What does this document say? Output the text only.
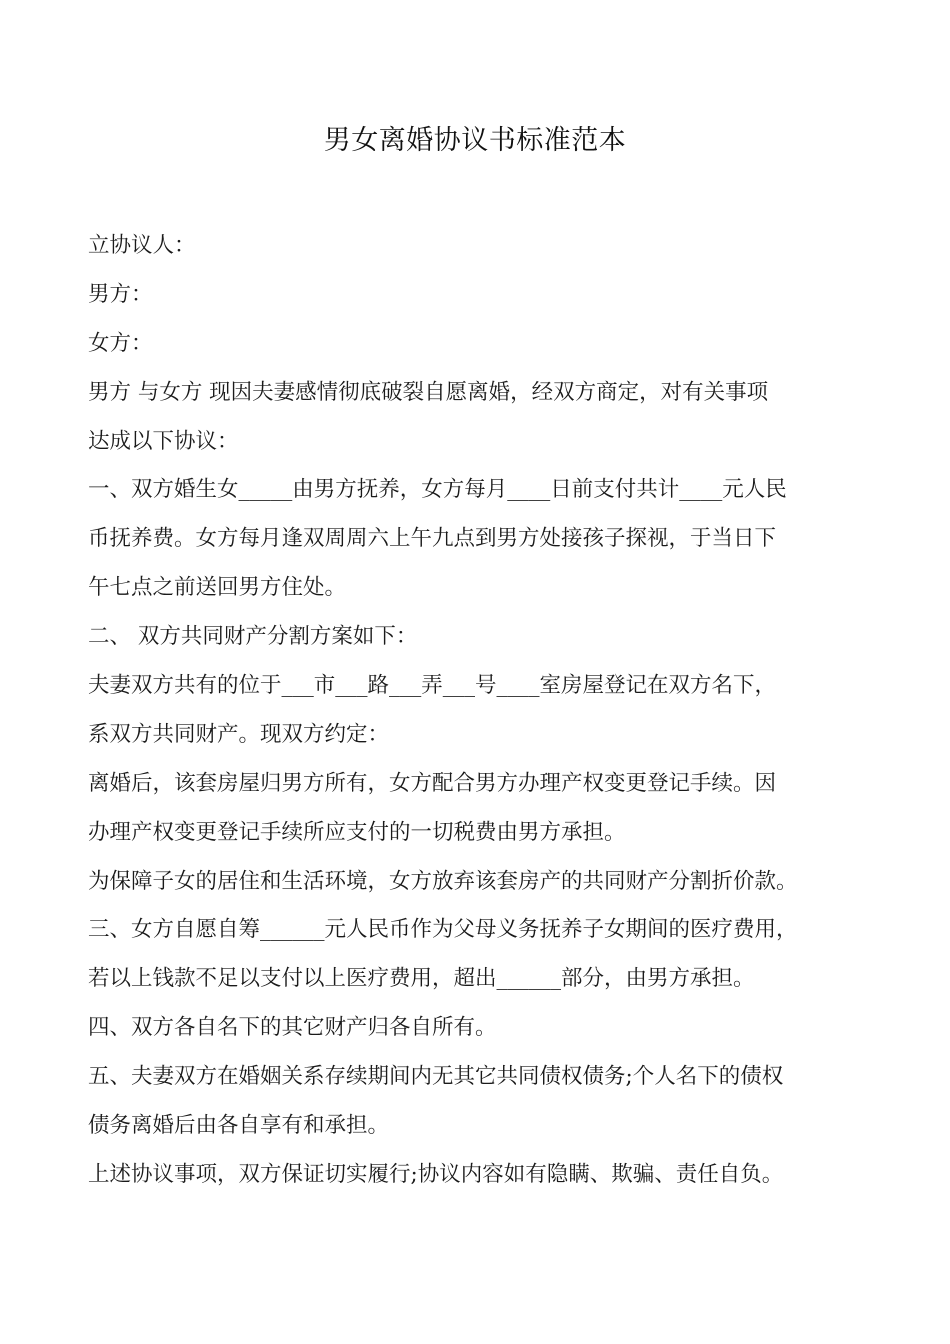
男女离婚协议书标准范本
立协议人：
男方：
女方：
男方 与女方 现因夫妻感情彻底破裂自愿离婚，经双方商定，对有关事项
达成以下协议：
一、双方婚生女_____由男方抚养，女方每月____日前支付共计____元人民
币抚养费。女方每月逢双周周六上午九点到男方处接孩子探视，于当日下
午七点之前送回男方住处。
二、 双方共同财产分割方案如下：
夫妻双方共有的位于___市___路___弄___号____室房屋登记在双方名下，
系双方共同财产。现双方约定：
离婚后，该套房屋归男方所有，女方配合男方办理产权变更登记手续。因
办理产权变更登记手续所应支付的一切税费由男方承担。
为保障子女的居住和生活环境，女方放弃该套房产的共同财产分割折价款。
三、女方自愿自筹______元人民币作为父母义务抚养子女期间的医疗费用，
若以上钱款不足以支付以上医疗费用，超出______部分，由男方承担。
四、双方各自名下的其它财产归各自所有。
五、夫妻双方在婚姻关系存续期间内无其它共同债权债务;个人名下的债权
债务离婚后由各自享有和承担。
上述协议事项，双方保证切实履行;协议内容如有隐瞒、欺骗、责任自负。
